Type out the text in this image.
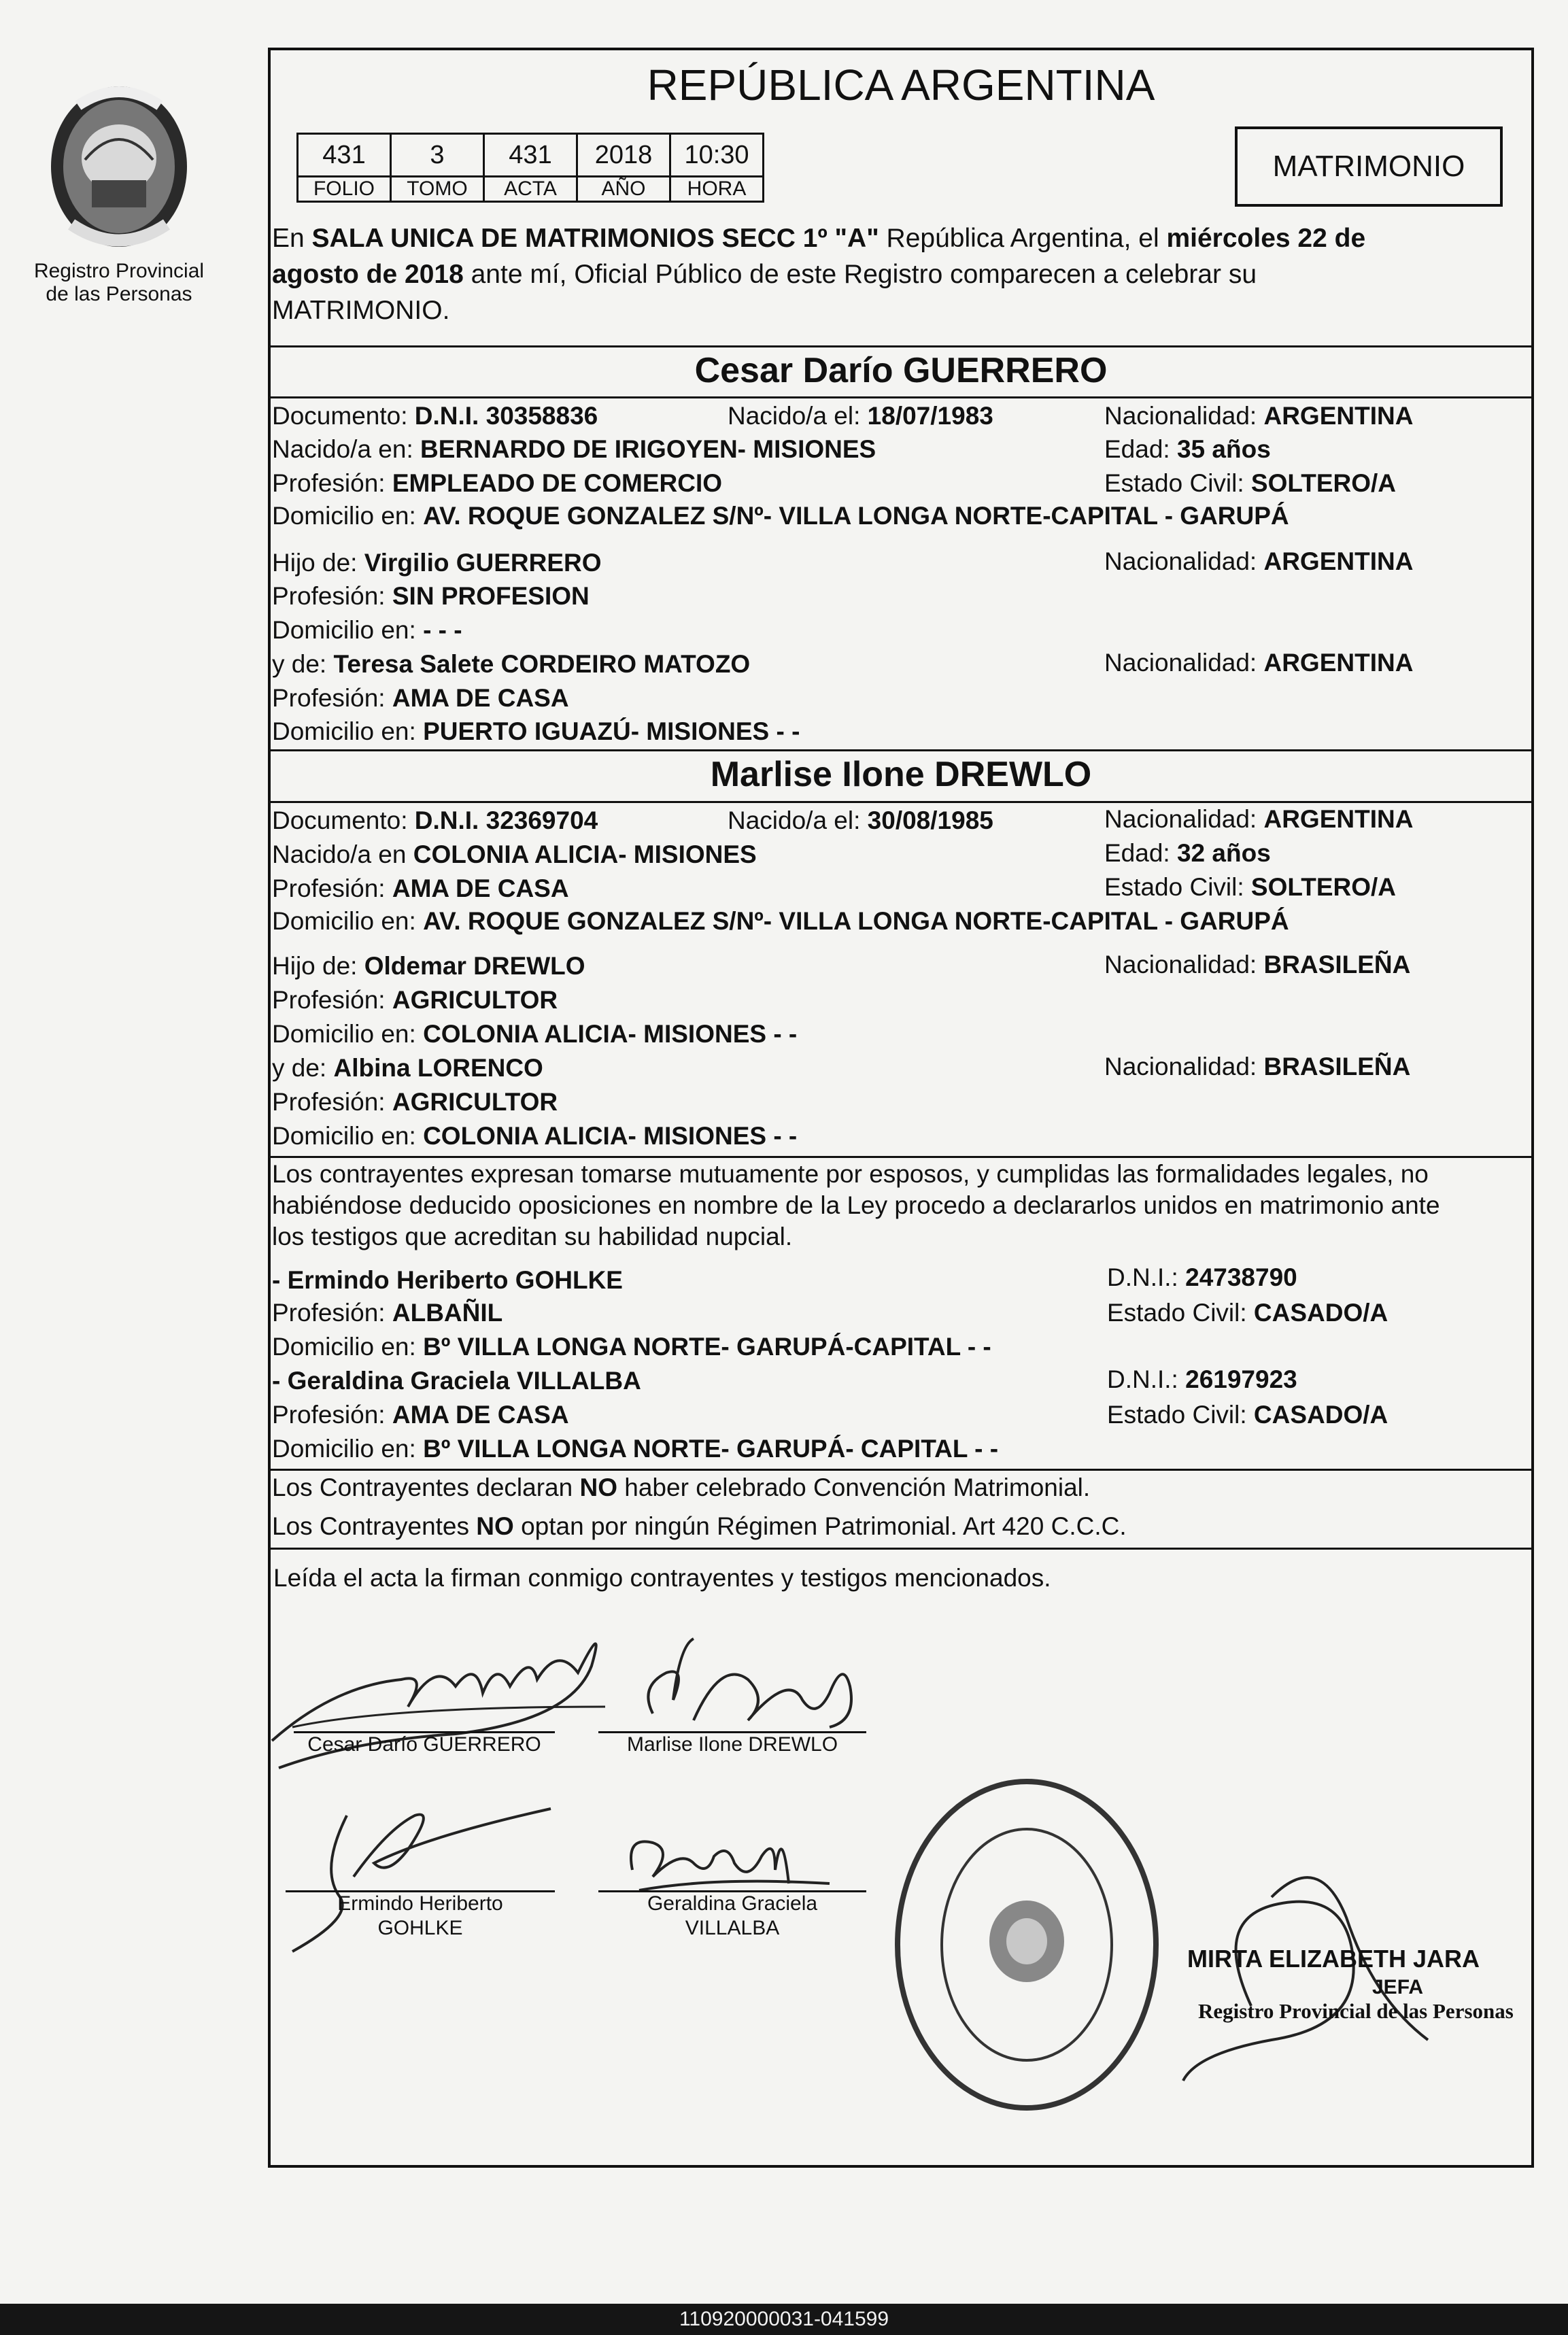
Registro Provincial
de las Personas
REPÚBLICA ARGENTINA
431	3	431	2018	10:30
FOLIO	TOMO	ACTA	AÑO	HORA
MATRIMONIO
En SALA UNICA DE MATRIMONIOS SECC 1º "A" República Argentina, el miércoles 22 de
agosto de 2018 ante mí, Oficial Público de este Registro comparecen a celebrar su
MATRIMONIO.
Cesar Darío GUERRERO
Documento: D.N.I. 30358836	Nacido/a el: 18/07/1983	Nacionalidad: ARGENTINA
Nacido/a en: BERNARDO DE IRIGOYEN- MISIONES	Edad: 35 años
Profesión: EMPLEADO DE COMERCIO	Estado Civil: SOLTERO/A
Domicilio en: AV. ROQUE GONZALEZ S/Nº- VILLA LONGA NORTE-CAPITAL - GARUPÁ
Hijo de: Virgilio GUERRERO	Nacionalidad: ARGENTINA
Profesión: SIN PROFESION
Domicilio en: - - -
y de: Teresa Salete CORDEIRO MATOZO	Nacionalidad: ARGENTINA
Profesión: AMA DE CASA
Domicilio en: PUERTO IGUAZÚ- MISIONES - -
Marlise Ilone DREWLO
Documento: D.N.I. 32369704	Nacido/a el: 30/08/1985	Nacionalidad: ARGENTINA
Nacido/a en COLONIA ALICIA- MISIONES	Edad: 32 años
Profesión: AMA DE CASA	Estado Civil: SOLTERO/A
Domicilio en: AV. ROQUE GONZALEZ S/Nº- VILLA LONGA NORTE-CAPITAL - GARUPÁ
Hijo de: Oldemar DREWLO	Nacionalidad: BRASILEÑA
Profesión: AGRICULTOR
Domicilio en: COLONIA ALICIA- MISIONES - -
y de: Albina LORENCO	Nacionalidad: BRASILEÑA
Profesión: AGRICULTOR
Domicilio en: COLONIA ALICIA- MISIONES - -
Los contrayentes expresan tomarse mutuamente por esposos, y cumplidas las formalidades legales, no
habiéndose deducido oposiciones en nombre de la Ley procedo a declararlos unidos en matrimonio ante
los testigos que acreditan su habilidad nupcial.
- Ermindo Heriberto GOHLKE	D.N.I.: 24738790
Profesión: ALBAÑIL	Estado Civil: CASADO/A
Domicilio en: Bº VILLA LONGA NORTE- GARUPÁ-CAPITAL - -
- Geraldina Graciela VILLALBA	D.N.I.: 26197923
Profesión: AMA DE CASA	Estado Civil: CASADO/A
Domicilio en: Bº VILLA LONGA NORTE- GARUPÁ- CAPITAL - -
Los Contrayentes declaran NO haber celebrado Convención Matrimonial.
Los Contrayentes NO optan por ningún Régimen Patrimonial. Art 420 C.C.C.
Leída el acta la firman conmigo contrayentes y testigos mencionados.
Cesar Darío GUERRERO	Marlise Ilone DREWLO
Ermindo Heriberto
GOHLKE
Geraldina Graciela
VILLALBA
MIRTA ELIZABETH JARA
JEFA
Registro Provincial de las Personas
110920000031-041599
